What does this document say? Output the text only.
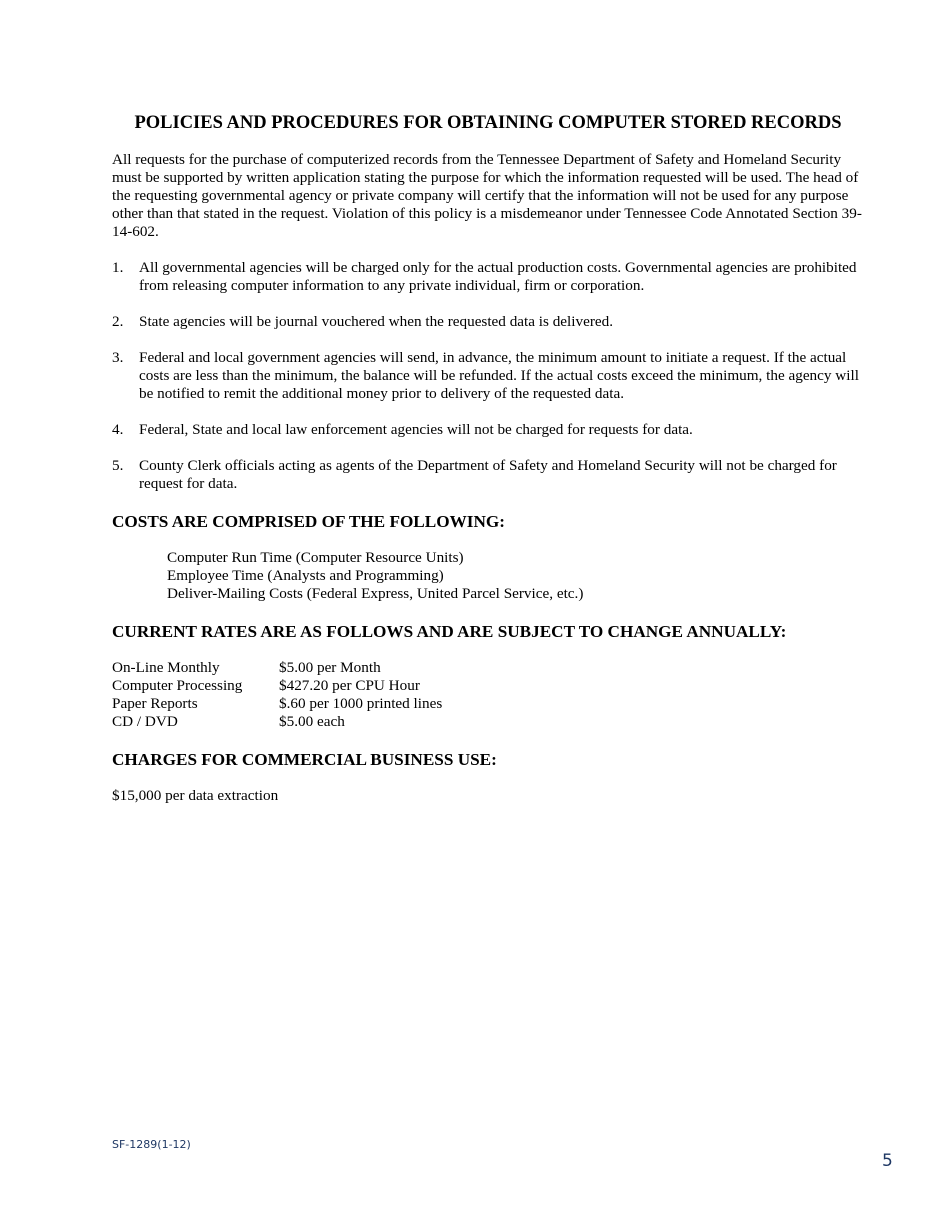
POLICIES AND PROCEDURES FOR OBTAINING COMPUTER STORED RECORDS

All requests for the purchase of computerized records from the Tennessee Department of Safety and Homeland Security must be supported by written application stating the purpose for which the information requested will be used. The head of the requesting governmental agency or private company will certify that the information will not be used for any purpose other than that stated in the request. Violation of this policy is a misdemeanor under Tennessee Code Annotated Section 39-14-602.

1.	All governmental agencies will be charged only for the actual production costs. Governmental agencies are prohibited from releasing computer information to any private individual, firm or corporation.
2.	State agencies will be journal vouchered when the requested data is delivered.
3.	Federal and local government agencies will send, in advance, the minimum amount to initiate a request. If the actual costs are less than the minimum, the balance will be refunded. If the actual costs exceed the minimum, the agency will be notified to remit the additional money prior to delivery of the requested data.
4.	Federal, State and local law enforcement agencies will not be charged for requests for data.
5.	County Clerk officials acting as agents of the Department of Safety and Homeland Security will not be charged for request for data.
COSTS ARE COMPRISED OF THE FOLLOWING:
Computer Run Time (Computer Resource Units)
Employee Time (Analysts and Programming)
Deliver-Mailing Costs (Federal Express, United Parcel Service, etc.)
CURRENT RATES ARE AS FOLLOWS AND ARE SUBJECT TO CHANGE ANNUALLY:
On-Line Monthly	$5.00 per Month
Computer Processing	$427.20 per CPU Hour
Paper Reports	$.60 per 1000 printed lines
CD / DVD	$5.00 each
CHARGES FOR COMMERCIAL BUSINESS USE:

$15,000 per data extraction

SF-1289(1-12)
5
